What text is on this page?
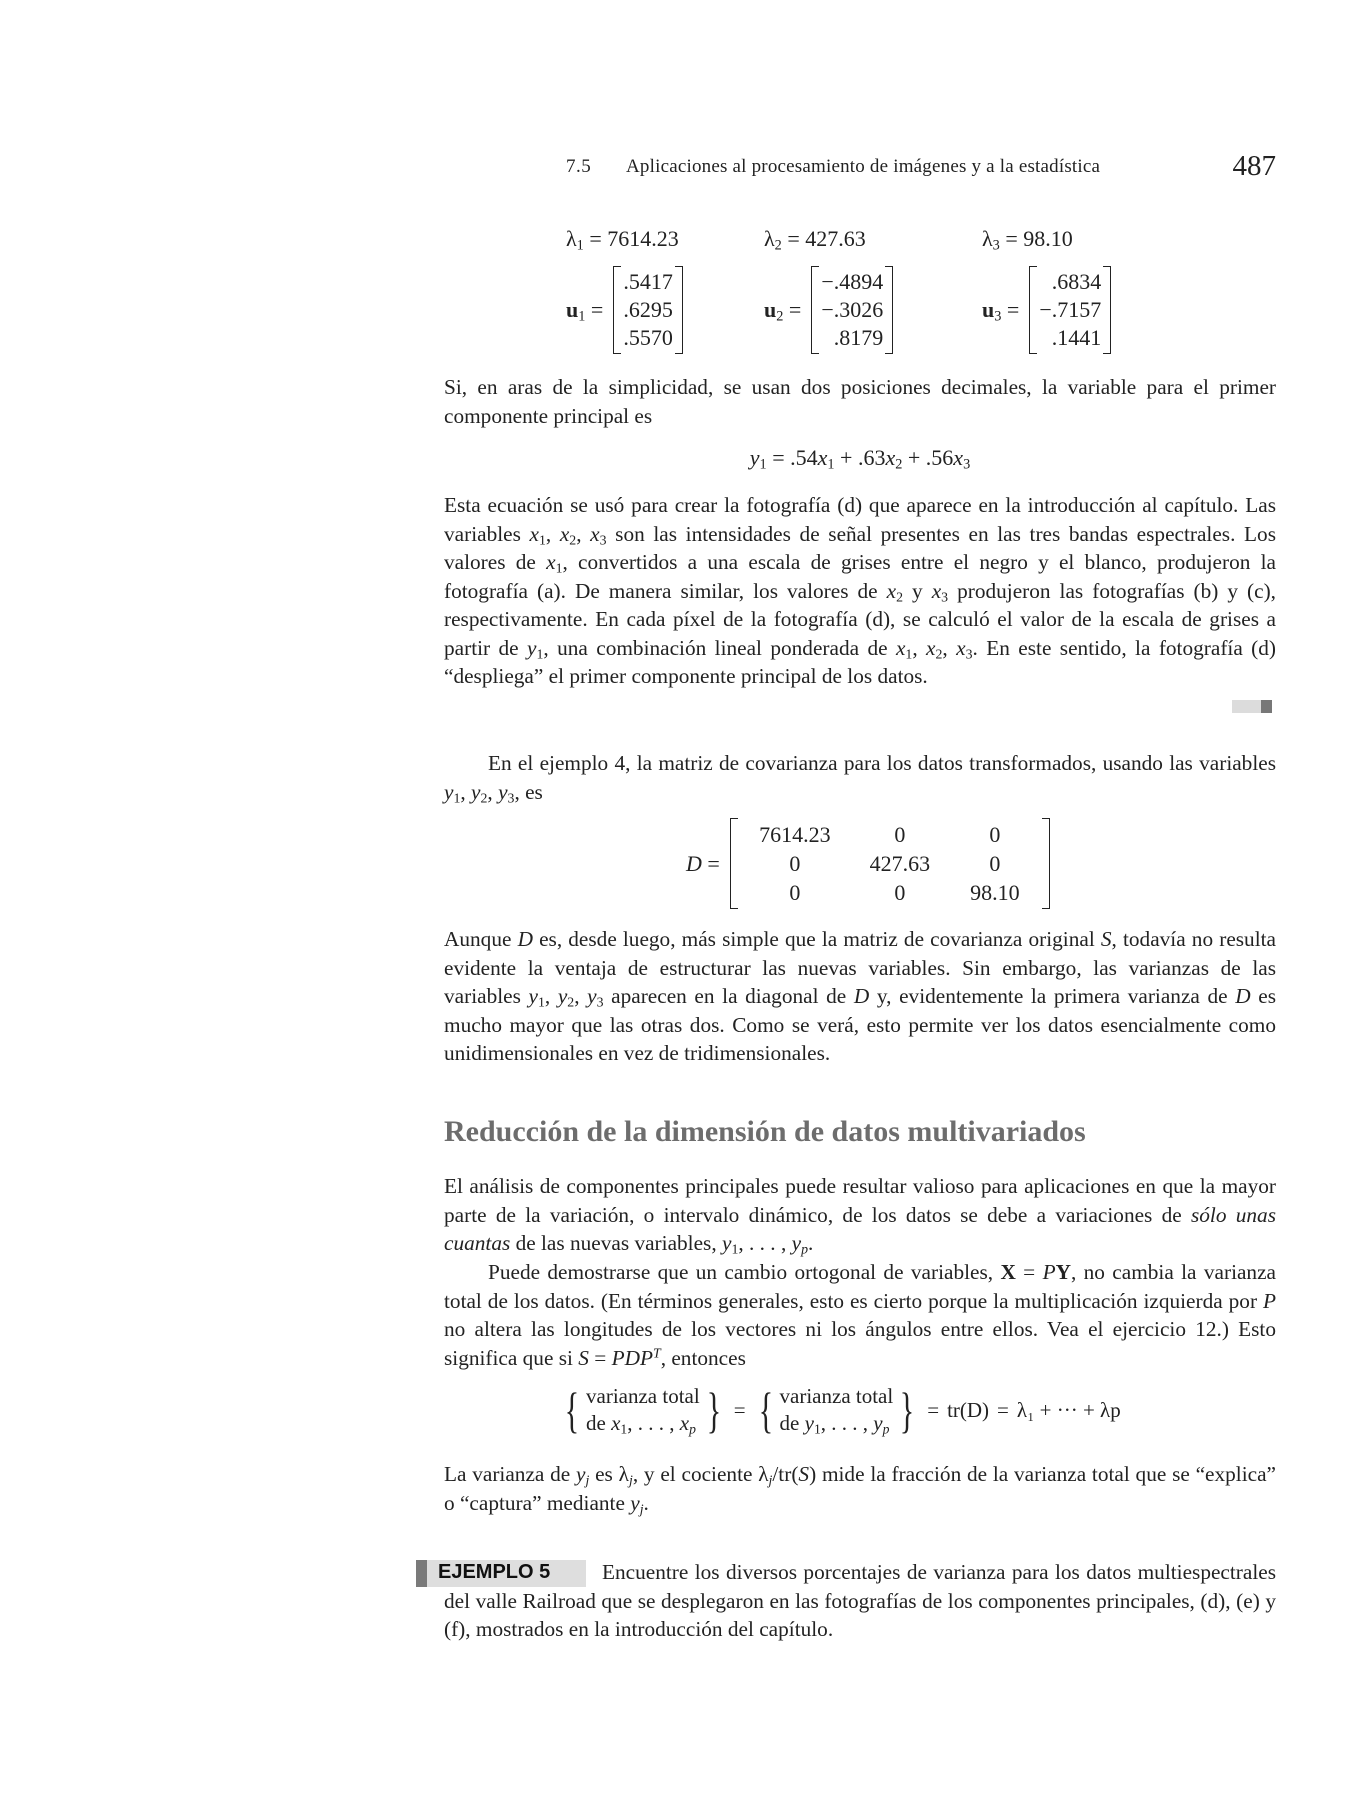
7.5 Aplicaciones al procesamiento de imágenes y a la estadística	487
$\lambda_1 = 7614.23$	$\lambda_2 = 427.63$	$\lambda_3 = 98.10$
$u_1$ =
.5417
.6295
.5570
$u_2$ =
−.4894
−.3026
.8179
$u_3$ =
.6834
−.7157
.1441
Si, en aras de la simplicidad, se usan dos posiciones decimales, la variable para el primer componente principal es
$y_1 = .54x_1 + .63x_2 + .56x_3$
Esta ecuación se usó para crear la fotografía (d) que aparece en la introducción al capítulo. Las variables $x_1$, $x_2$, $x_3$ son las intensidades de señal presentes en las tres bandas espectrales. Los valores de $x_1$, convertidos a una escala de grises entre el negro y el blanco, produjeron la fotografía (a). De manera similar, los valores de $x_2$ y $x_3$ produjeron las fotografías (b) y (c), respectivamente. En cada píxel de la fotografía (d), se calculó el valor de la escala de grises a partir de $y_1$, una combinación lineal ponderada de $x_1$, $x_2$, $x_3$. En este sentido, la fotografía (d) “despliega” el primer componente principal de los datos.
En el ejemplo 4, la matriz de covarianza para los datos transformados, usando las variables $y_1$, $y_2$, $y_3$, es
D =
7614.23	0	0
0	427.63	0
0	0	98.10
Aunque D es, desde luego, más simple que la matriz de covarianza original S, todavía no resulta evidente la ventaja de estructurar las nuevas variables. Sin embargo, las varianzas de las variables $y_1$, $y_2$, $y_3$ aparecen en la diagonal de D y, evidentemente la primera varianza de D es mucho mayor que las otras dos. Como se verá, esto permite ver los datos esencialmente como unidimensionales en vez de tridimensionales.
Reducción de la dimensión de datos multivariados
El análisis de componentes principales puede resultar valioso para aplicaciones en que la mayor parte de la variación, o intervalo dinámico, de los datos se debe a variaciones de sólo unas cuantas de las nuevas variables, $y_1$, . . . , $y_p$.
Puede demostrarse que un cambio ortogonal de variables, X = PY, no cambia la varianza total de los datos. (En términos generales, esto es cierto porque la multiplicación izquierda por P no altera las longitudes de los vectores ni los ángulos entre ellos. Vea el ejercicio 12.) Esto significa que si $S = PDP^T$, entonces
{ varianza total
de $x_1$, . . . , $x_p$ } = { varianza total
de $y_1$, . . . , $y_p$ } = tr(D) = λ₁ + ··· + λp
La varianza de $y_j$ es $\lambda_j$, y el cociente $\lambda_j/tr(S)$ mide la fracción de la varianza total que se “explica” o “captura” mediante $y_j$.
EJEMPLO 5	Encuentre los diversos porcentajes de varianza para los datos multiespectrales del valle Railroad que se desplegaron en las fotografías de los componentes principales, (d), (e) y (f), mostrados en la introducción del capítulo.
